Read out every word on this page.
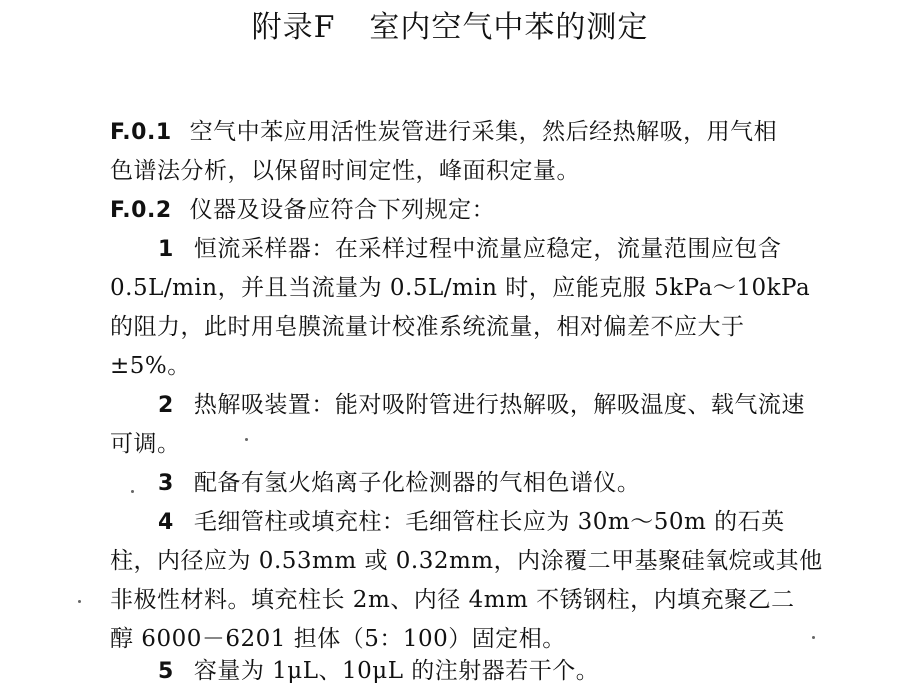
附录F 室内空气中苯的测定
F.0.1 空气中苯应用活性炭管进行采集，然后经热解吸，用气相
色谱法分析，以保留时间定性，峰面积定量。
F.0.2 仪器及设备应符合下列规定：
1 恒流采样器：在采样过程中流量应稳定，流量范围应包含
0.5L/min，并且当流量为 0.5L/min 时，应能克服 5kPa～10kPa
的阻力，此时用皂膜流量计校准系统流量，相对偏差不应大于
±5%。
2 热解吸装置：能对吸附管进行热解吸，解吸温度、载气流速
可调。
3 配备有氢火焰离子化检测器的气相色谱仪。
4 毛细管柱或填充柱：毛细管柱长应为 30m～50m 的石英
柱，内径应为 0.53mm 或 0.32mm，内涂覆二甲基聚硅氧烷或其他
非极性材料。填充柱长 2m、内径 4mm 不锈钢柱，内填充聚乙二
醇 6000－6201 担体（5：100）固定相。
5 容量为 1μL、10μL 的注射器若干个。
